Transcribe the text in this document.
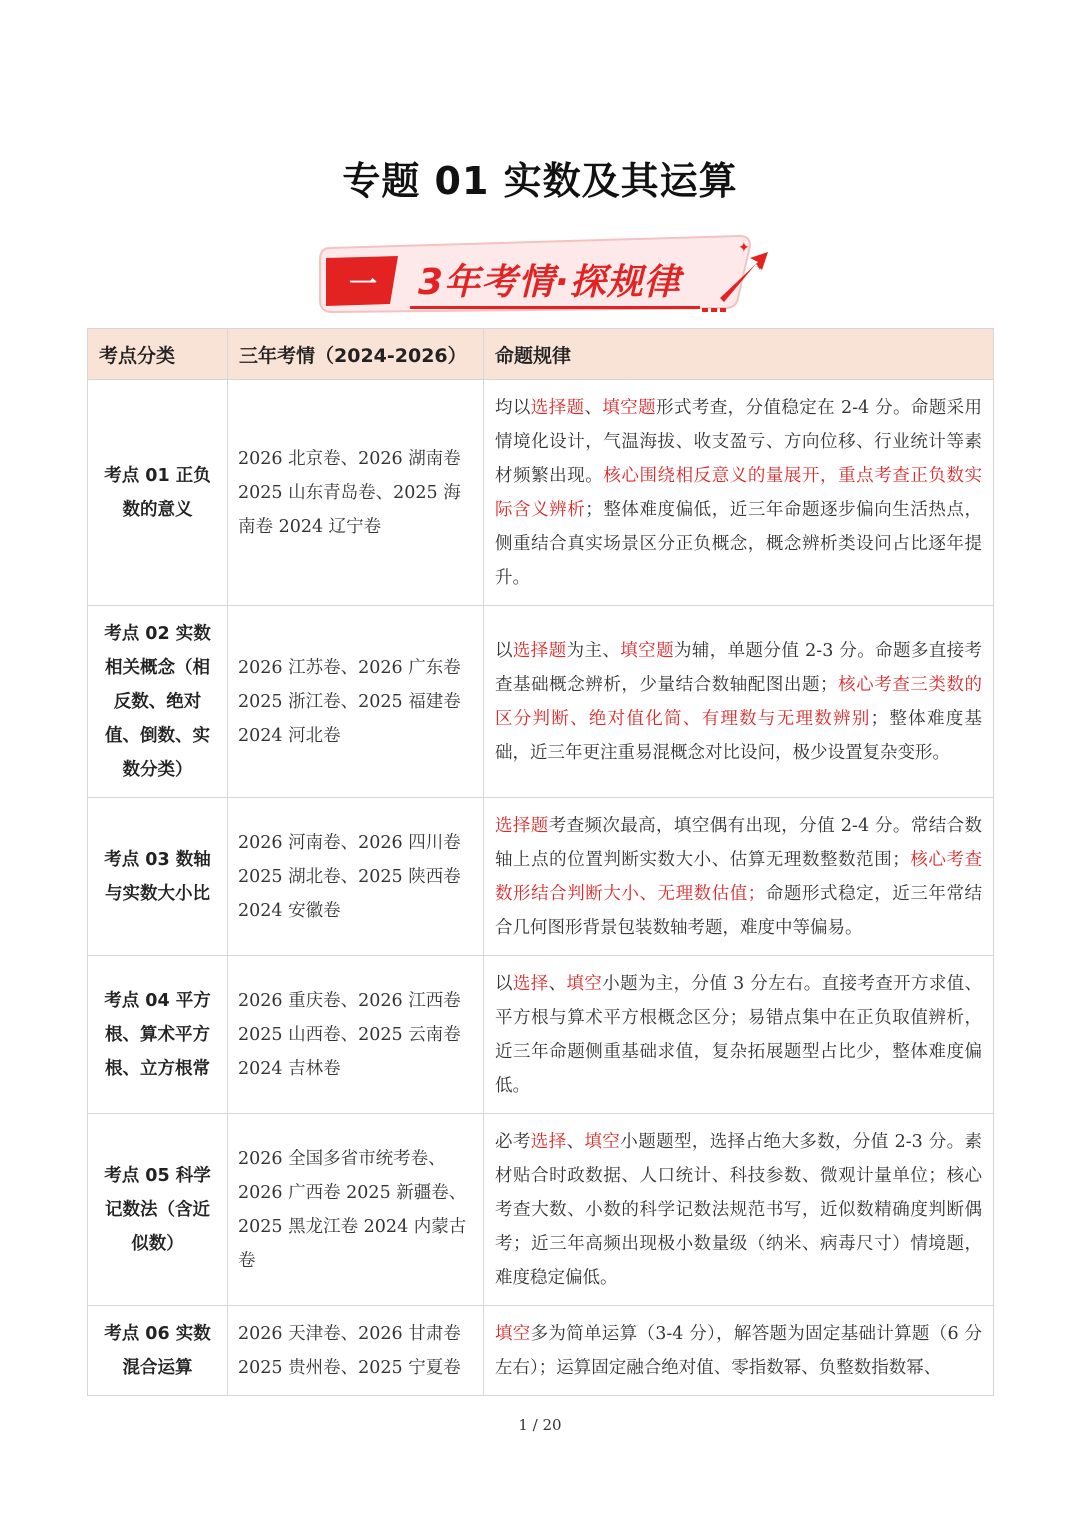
专题 01 实数及其运算
✦
✦
一	3年考情·探规律
考点分类	三年考情（2024-2026）	命题规律
考点 01 正负数的意义	2026 北京卷、2026 湖南卷 2025 山东青岛卷、2025 海南卷 2024 辽宁卷	均以选择题、填空题形式考查，分值稳定在 2-4 分。命题采用情境化设计，气温海拔、收支盈亏、方向位移、行业统计等素材频繁出现。核心围绕相反意义的量展开，重点考查正负数实际含义辨析；整体难度偏低，近三年命题逐步偏向生活热点，侧重结合真实场景区分正负概念，概念辨析类设问占比逐年提升。
考点 02 实数相关概念（相反数、绝对值、倒数、实数分类）	2026 江苏卷、2026 广东卷 2025 浙江卷、2025 福建卷 2024 河北卷	以选择题为主、填空题为辅，单题分值 2-3 分。命题多直接考查基础概念辨析，少量结合数轴配图出题；核心考查三类数的区分判断、绝对值化简、有理数与无理数辨别；整体难度基础，近三年更注重易混概念对比设问，极少设置复杂变形。
考点 03 数轴与实数大小比	2026 河南卷、2026 四川卷 2025 湖北卷、2025 陕西卷 2024 安徽卷	选择题考查频次最高，填空偶有出现，分值 2-4 分。常结合数轴上点的位置判断实数大小、估算无理数整数范围；核心考查数形结合判断大小、无理数估值；命题形式稳定，近三年常结合几何图形背景包装数轴考题，难度中等偏易。
考点 04 平方根、算术平方根、立方根常	2026 重庆卷、2026 江西卷 2025 山西卷、2025 云南卷 2024 吉林卷	以选择、填空小题为主，分值 3 分左右。直接考查开方求值、平方根与算术平方根概念区分；易错点集中在正负取值辨析，近三年命题侧重基础求值，复杂拓展题型占比少，整体难度偏低。
考点 05 科学记数法（含近似数）	2026 全国多省市统考卷、2026 广西卷 2025 新疆卷、2025 黑龙江卷 2024 内蒙古卷	必考选择、填空小题题型，选择占绝大多数，分值 2-3 分。素材贴合时政数据、人口统计、科技参数、微观计量单位；核心考查大数、小数的科学记数法规范书写，近似数精确度判断偶考；近三年高频出现极小数量级（纳米、病毒尺寸）情境题，难度稳定偏低。
考点 06 实数混合运算	2026 天津卷、2026 甘肃卷 2025 贵州卷、2025 宁夏卷	填空多为简单运算（3-4 分），解答题为固定基础计算题（6 分左右）；运算固定融合绝对值、零指数幂、负整数指数幂、
1 / 20
